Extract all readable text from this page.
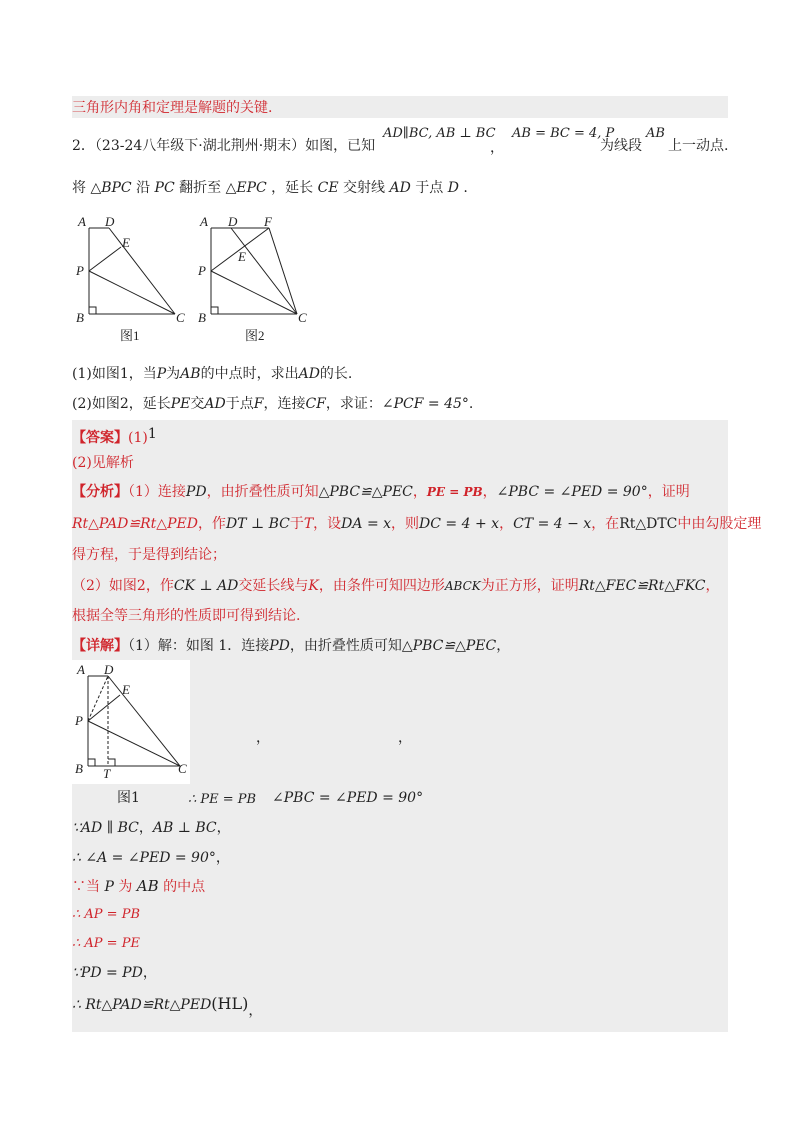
三角形内角和定理是解题的关键.
2．（23-24八年级下·湖北荆州·期末）如图，已知
AD∥BC, AB ⊥ BC
，
AB = BC = 4, P
为线段
AB
上一动点.
将 △BPC 沿 PC 翻折至 △EPC ，延长 CE 交射线 AD 于点 D .
A D
E
P
B	C
图1
A D F
E
P
B	C
图2
(1)如图1，当P为AB的中点时，求出AD的长.
(2)如图2，延长PE交AD于点F，连接CF，求证：∠PCF = 45°.
【答案】(1)1
(2)见解析
【分析】（1）连接PD，由折叠性质可知△PBC≌△PEC，PE = PB，∠PBC = ∠PED = 90°，证明
Rt△PAD≌Rt△PED，作DT ⊥ BC于T，设DA = x，则DC = 4 + x，CT = 4 − x，在Rt△DTC中由勾股定理
得方程，于是得到结论；
（2）如图2，作CK ⊥ AD交延长线与K，由条件可知四边形ABCK为正方形，证明Rt△FEC≌Rt△FKC，
根据全等三角形的性质即可得到结论.
【详解】（1）解：如图 1．连接PD，由折叠性质可知△PBC≌△PEC，
A D
E
P
B T	C
，	，
图1	∴ PE = PB ∠PBC = ∠PED = 90°
∵AD ∥ BC，AB ⊥ BC，
∴ ∠A = ∠PED = 90°，
∵当 P 为 AB 的中点
∴ AP = PB
∴ AP = PE
∵PD = PD，
∴ Rt△PAD≌Rt△PED(HL)，
